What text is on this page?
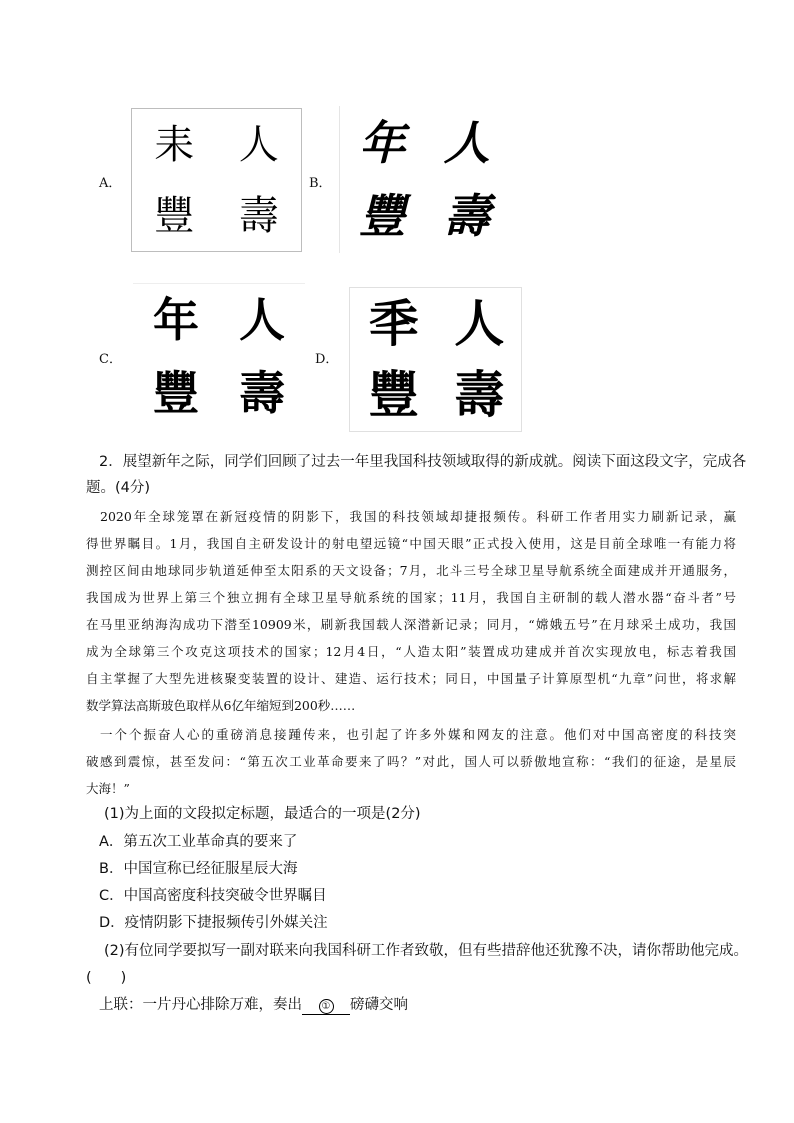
A．
耒 人
豐 壽
B．
年 人
豐 壽
C．
年 人
豐 壽
D．
秊 人
豐 壽
2．展望新年之际，同学们回顾了过去一年里我国科技领域取得的新成就。阅读下面这段文字，完成各
题。(4分)
2020年全球笼罩在新冠疫情的阴影下，我国的科技领域却捷报频传。科研工作者用实力刷新记录，赢
得世界瞩目。1月，我国自主研发设计的射电望远镜“中国天眼”正式投入使用，这是目前全球唯一有能力将
测控区间由地球同步轨道延伸至太阳系的天文设备；7月，北斗三号全球卫星导航系统全面建成并开通服务，
我国成为世界上第三个独立拥有全球卫星导航系统的国家；11月，我国自主研制的载人潜水器“奋斗者”号
在马里亚纳海沟成功下潜至10909米，刷新我国载人深潜新记录；同月，“嫦娥五号”在月球采土成功，我国
成为全球第三个攻克这项技术的国家；12月4日，“人造太阳”装置成功建成并首次实现放电，标志着我国
自主掌握了大型先进核聚变装置的设计、建造、运行技术；同日，中国量子计算原型机“九章”问世，将求解
数学算法高斯玻色取样从6亿年缩短到200秒……
一个个振奋人心的重磅消息接踵传来，也引起了许多外媒和网友的注意。他们对中国高密度的科技突
破感到震惊，甚至发问：“第五次工业革命要来了吗？”对此，国人可以骄傲地宣称：“我们的征途，是星辰
大海！”
(1)为上面的文段拟定标题，最适合的一项是(2分)
A．第五次工业革命真的要来了
B．中国宣称已经征服星辰大海
C．中国高密度科技突破令世界瞩目
D．疫情阴影下捷报频传引外媒关注
(2)有位同学要拟写一副对联来向我国科研工作者致敬，但有些措辞他还犹豫不决，请你帮助他完成。
(　　)
上联：一片丹心排除万难，奏出 ① 磅礴交响
